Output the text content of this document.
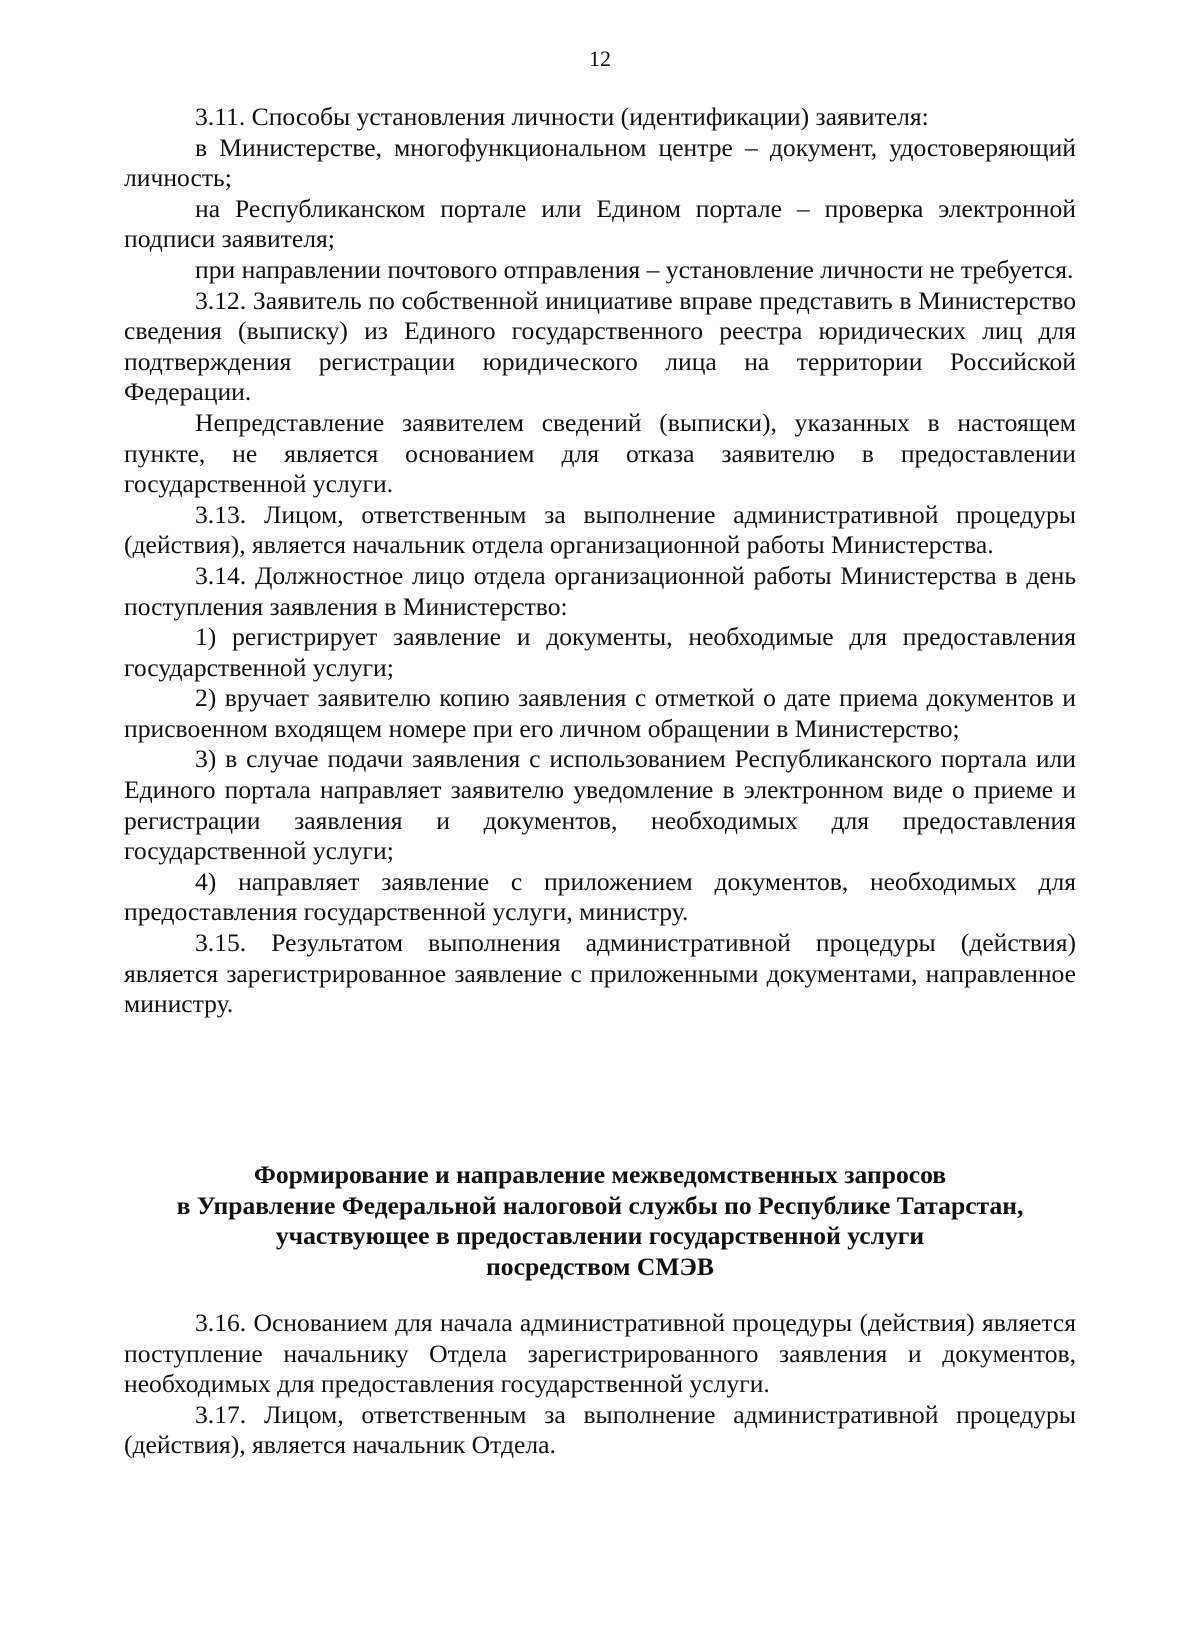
12

3.11. Способы установления личности (идентификации) заявителя:

в Министерстве, многофункциональном центре – документ, удостоверяющий личность;

на Республиканском портале или Едином портале – проверка электронной подписи заявителя;

при направлении почтового отправления – установление личности не требуется.

3.12. Заявитель по собственной инициативе вправе представить в Министерство сведения (выписку) из Единого государственного реестра юридических лиц для подтверждения регистрации юридического лица на территории Российской Федерации.

Непредставление заявителем сведений (выписки), указанных в настоящем пункте, не является основанием для отказа заявителю в предоставлении государственной услуги.

3.13. Лицом, ответственным за выполнение административной процедуры (действия), является начальник отдела организационной работы Министерства.

3.14. Должностное лицо отдела организационной работы Министерства в день поступления заявления в Министерство:

1) регистрирует заявление и документы, необходимые для предоставления государственной услуги;

2) вручает заявителю копию заявления с отметкой о дате приема документов и присвоенном входящем номере при его личном обращении в Министерство;

3) в случае подачи заявления с использованием Республиканского портала или Единого портала направляет заявителю уведомление в электронном виде о приеме и регистрации заявления и документов, необходимых для предоставления государственной услуги;

4) направляет заявление с приложением документов, необходимых для предоставления государственной услуги, министру.

3.15. Результатом выполнения административной процедуры (действия) является зарегистрированное заявление с приложенными документами, направленное министру.

Формирование и направление межведомственных запросов
в Управление Федеральной налоговой службы по Республике Татарстан,
участвующее в предоставлении государственной услуги
посредством СМЭВ

3.16. Основанием для начала административной процедуры (действия) является поступление начальнику Отдела зарегистрированного заявления и документов, необходимых для предоставления государственной услуги.

3.17. Лицом, ответственным за выполнение административной процедуры (действия), является начальник Отдела.
